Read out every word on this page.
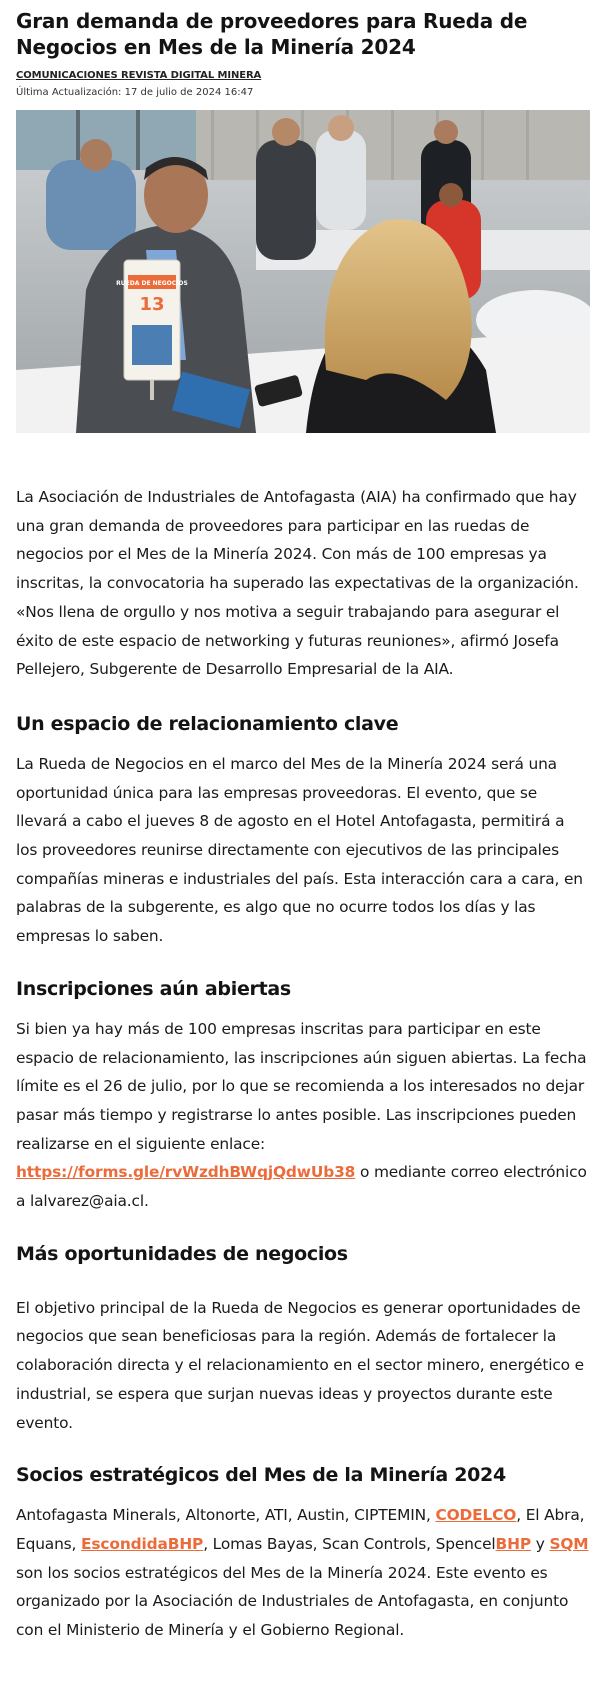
Gran demanda de proveedores para Rueda de Negocios en Mes de la Minería 2024
COMUNICACIONES REVISTA DIGITAL MINERA
Última Actualización: 17 de julio de 2024 16:47
RUEDA DE NEGOCIOS
13

La Asociación de Industriales de Antofagasta (AIA) ha confirmado que hay una gran demanda de proveedores para participar en las ruedas de negocios por el Mes de la Minería 2024. Con más de 100 empresas ya inscritas, la convocatoria ha superado las expectativas de la organización. «Nos llena de orgullo y nos motiva a seguir trabajando para asegurar el éxito de este espacio de networking y futuras reuniones», afirmó Josefa Pellejero, Subgerente de Desarrollo Empresarial de la AIA.

Un espacio de relacionamiento clave

La Rueda de Negocios en el marco del Mes de la Minería 2024 será una oportunidad única para las empresas proveedoras. El evento, que se llevará a cabo el jueves 8 de agosto en el Hotel Antofagasta, permitirá a los proveedores reunirse directamente con ejecutivos de las principales compañías mineras e industriales del país. Esta interacción cara a cara, en palabras de la subgerente, es algo que no ocurre todos los días y las empresas lo saben.

Inscripciones aún abiertas

Si bien ya hay más de 100 empresas inscritas para participar en este espacio de relacionamiento, las inscripciones aún siguen abiertas. La fecha límite es el 26 de julio, por lo que se recomienda a los interesados no dejar pasar más tiempo y registrarse lo antes posible. Las inscripciones pueden realizarse en el siguiente enlace: https://forms.gle/rvWzdhBWqjQdwUb38 o mediante correo electrónico a lalvarez@aia.cl.

Más oportunidades de negocios

El objetivo principal de la Rueda de Negocios es generar oportunidades de negocios que sean beneficiosas para la región. Además de fortalecer la colaboración directa y el relacionamiento en el sector minero, energético e industrial, se espera que surjan nuevas ideas y proyectos durante este evento.

Socios estratégicos del Mes de la Minería 2024

Antofagasta Minerals, Altonorte, ATI, Austin, CIPTEMIN, CODELCO, El Abra, Equans, EscondidaBHP, Lomas Bayas, Scan Controls, SpencelBHP y SQM son los socios estratégicos del Mes de la Minería 2024. Este evento es organizado por la Asociación de Industriales de Antofagasta, en conjunto con el Ministerio de Minería y el Gobierno Regional.
